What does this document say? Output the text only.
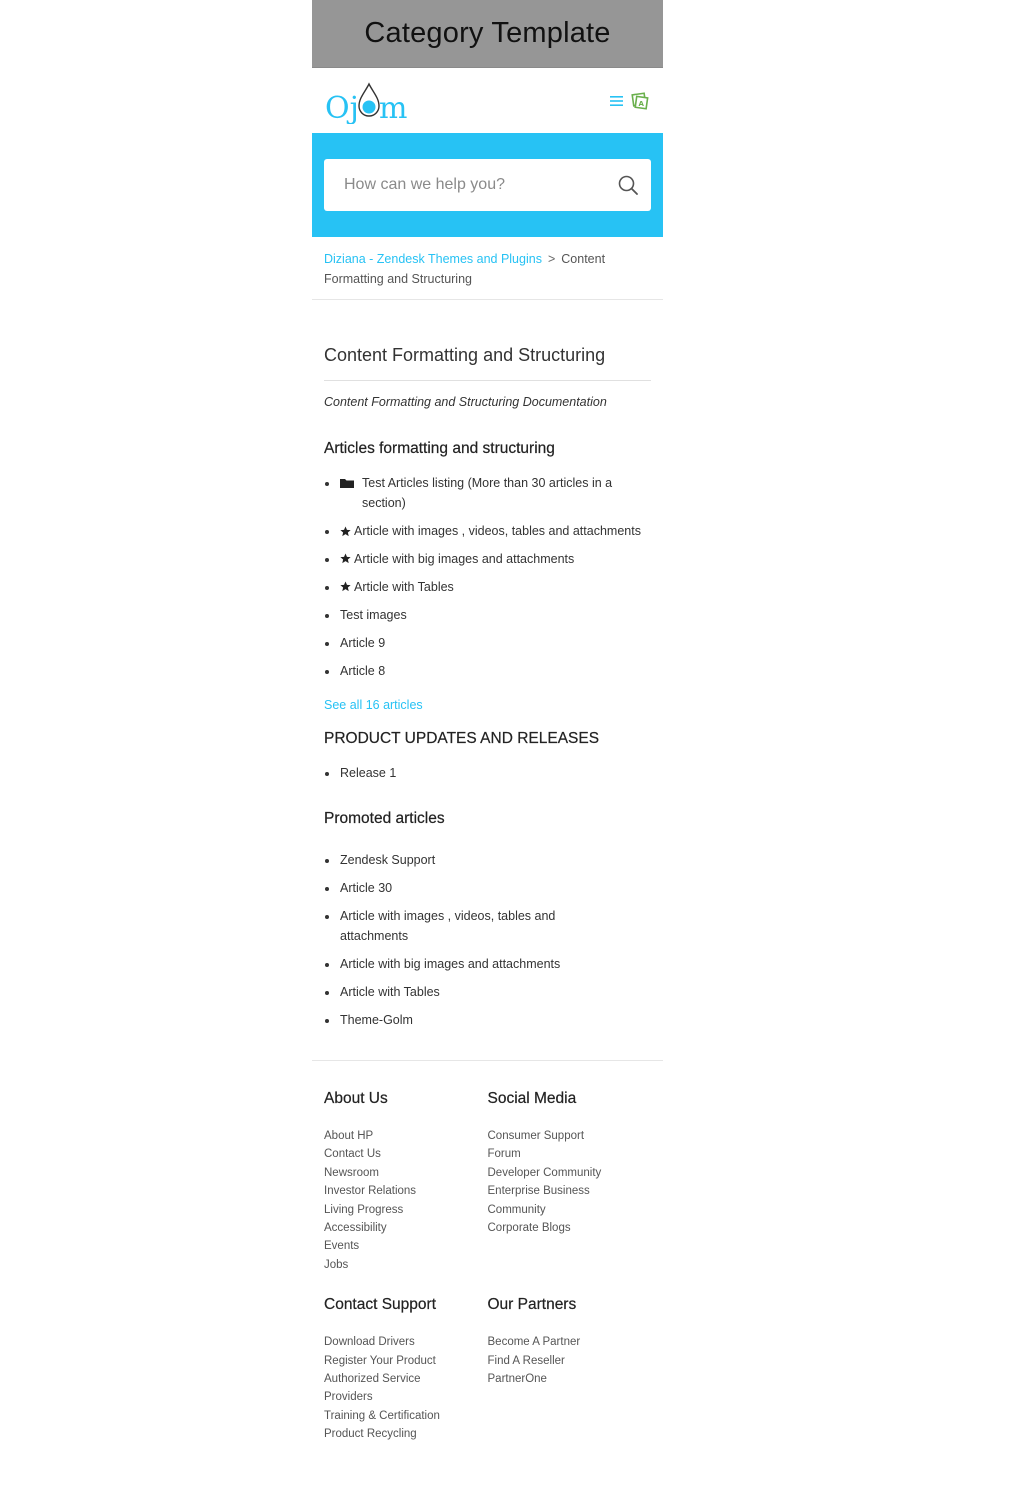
Category Template
Oj m	A
How can we help you?
Diziana - Zendesk Themes and Plugins > Content Formatting and Structuring
Content Formatting and Structuring

Content Formatting and Structuring Documentation

Articles formatting and structuring
Test Articles listing (More than 30 articles in a section)
Article with images , videos, tables and attachments
Article with big images and attachments
Article with Tables
Test images
Article 9
Article 8
See all 16 articles
PRODUCT UPDATES AND RELEASES
Release 1
Promoted articles
Zendesk Support
Article 30
Article with images , videos, tables and attachments
Article with big images and attachments
Article with Tables
Theme-Golm
About Us
About HP
Contact Us
Newsroom
Investor Relations
Living Progress
Accessibility
Events
Jobs
Social Media
Consumer Support
Forum
Developer Community
Enterprise Business
Community
Corporate Blogs
Contact Support
Download Drivers
Register Your Product
Authorized Service
Providers
Training & Certification
Product Recycling
Our Partners
Become A Partner
Find A Reseller
PartnerOne
